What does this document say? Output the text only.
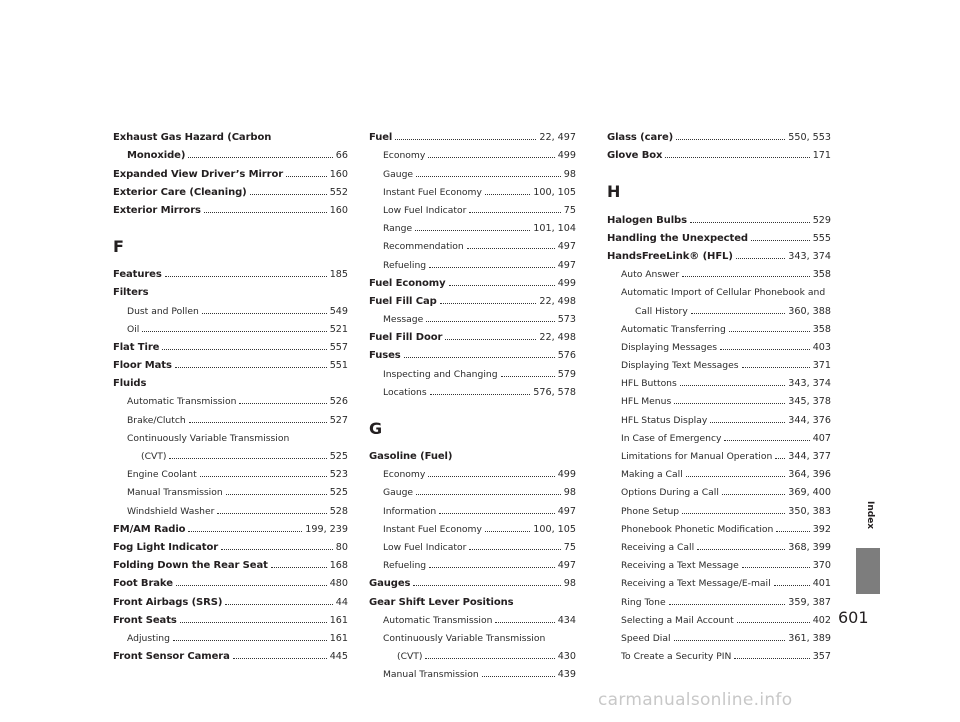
Exhaust Gas Hazard (Carbon
Monoxide)	66
Expanded View Driver’s Mirror	160
Exterior Care (Cleaning)	552
Exterior Mirrors	160
F
Features	185
Filters
Dust and Pollen	549
Oil	521
Flat Tire	557
Floor Mats	551
Fluids
Automatic Transmission	526
Brake/Clutch	527
Continuously Variable Transmission
(CVT)	525
Engine Coolant	523
Manual Transmission	525
Windshield Washer	528
FM/AM Radio	199, 239
Fog Light Indicator	80
Folding Down the Rear Seat	168
Foot Brake	480
Front Airbags (SRS)	44
Front Seats	161
Adjusting	161
Front Sensor Camera	445
Fuel	22, 497
Economy	499
Gauge	98
Instant Fuel Economy	100, 105
Low Fuel Indicator	75
Range	101, 104
Recommendation	497
Refueling	497
Fuel Economy	499
Fuel Fill Cap	22, 498
Message	573
Fuel Fill Door	22, 498
Fuses	576
Inspecting and Changing	579
Locations	576, 578
G
Gasoline (Fuel)
Economy	499
Gauge	98
Information	497
Instant Fuel Economy	100, 105
Low Fuel Indicator	75
Refueling	497
Gauges	98
Gear Shift Lever Positions
Automatic Transmission	434
Continuously Variable Transmission
(CVT)	430
Manual Transmission	439
Glass (care)	550, 553
Glove Box	171
H
Halogen Bulbs	529
Handling the Unexpected	555
HandsFreeLink® (HFL)	343, 374
Auto Answer	358
Automatic Import of Cellular Phonebook and
Call History	360, 388
Automatic Transferring	358
Displaying Messages	403
Displaying Text Messages	371
HFL Buttons	343, 374
HFL Menus	345, 378
HFL Status Display	344, 376
In Case of Emergency	407
Limitations for Manual Operation 344, 377
Making a Call	364, 396
Options During a Call	369, 400
Phone Setup	350, 383
Phonebook Phonetic Modification	392
Receiving a Call	368, 399
Receiving a Text Message	370
Receiving a Text Message/E-mail	401
Ring Tone	359, 387
Selecting a Mail Account	402
Speed Dial	361, 389
To Create a Security PIN	357
Index
601
carmanualsonline.info
